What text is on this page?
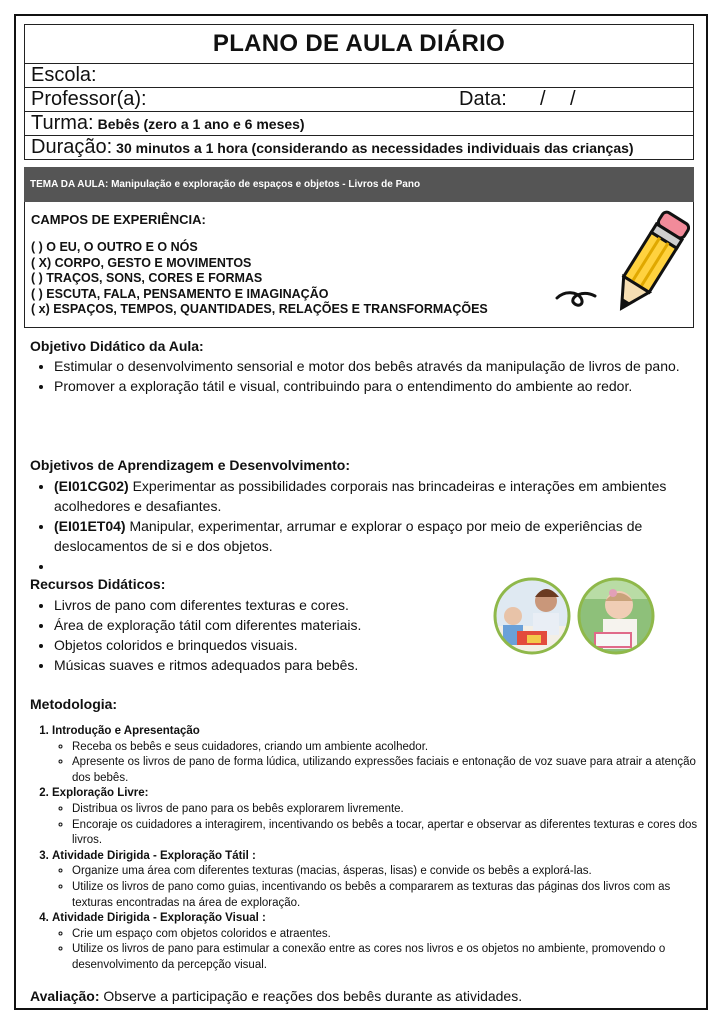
PLANO DE AULA DIÁRIO
Escola:
Professor(a):	Data: / /
Turma: Bebês (zero a 1 ano e 6 meses)
Duração: 30 minutos a 1 hora (considerando as necessidades individuais das crianças)
TEMA DA AULA: Manipulação e exploração de espaços e objetos - Livros de Pano
CAMPOS DE EXPERIÊNCIA:
( ) O EU, O OUTRO E O NÓS
( X) CORPO, GESTO E MOVIMENTOS
( ) TRAÇOS, SONS, CORES E FORMAS
( ) ESCUTA, FALA, PENSAMENTO E IMAGINAÇÃO
( x) ESPAÇOS, TEMPOS, QUANTIDADES, RELAÇÕES E TRANSFORMAÇÕES
Objetivo Didático da Aula:
• Estimular o desenvolvimento sensorial e motor dos bebês através da manipulação de livros de pano.
• Promover a exploração tátil e visual, contribuindo para o entendimento do ambiente ao redor.
Objetivos de Aprendizagem e Desenvolvimento:
• (EI01CG02) Experimentar as possibilidades corporais nas brincadeiras e interações em ambientes acolhedores e desafiantes.
• (EI01ET04) Manipular, experimentar, arrumar e explorar o espaço por meio de experiências de deslocamentos de si e dos objetos.
•
Recursos Didáticos:
• Livros de pano com diferentes texturas e cores.
• Área de exploração tátil com diferentes materiais.
• Objetos coloridos e brinquedos visuais.
• Músicas suaves e ritmos adequados para bebês.
Metodologia:
1. Introdução e Apresentação
◦ Receba os bebês e seus cuidadores, criando um ambiente acolhedor.
◦ Apresente os livros de pano de forma lúdica, utilizando expressões faciais e entonação de voz suave para atrair a atenção dos bebês.
2. Exploração Livre:
◦ Distribua os livros de pano para os bebês explorarem livremente.
◦ Encoraje os cuidadores a interagirem, incentivando os bebês a tocar, apertar e observar as diferentes texturas e cores dos livros.
3. Atividade Dirigida - Exploração Tátil :
◦ Organize uma área com diferentes texturas (macias, ásperas, lisas) e convide os bebês a explorá-las.
◦ Utilize os livros de pano como guias, incentivando os bebês a compararem as texturas das páginas dos livros com as texturas encontradas na área de exploração.
4. Atividade Dirigida - Exploração Visual :
◦ Crie um espaço com objetos coloridos e atraentes.
◦ Utilize os livros de pano para estimular a conexão entre as cores nos livros e os objetos no ambiente, promovendo o desenvolvimento da percepção visual.
Avaliação: Observe a participação e reações dos bebês durante as atividades.
